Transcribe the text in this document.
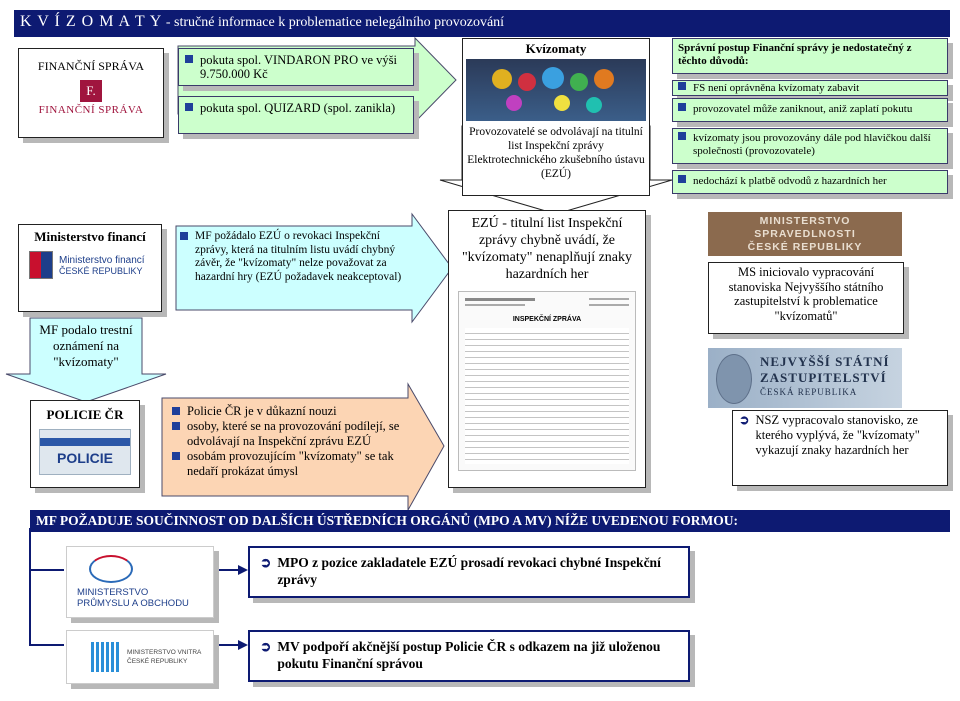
K V Í Z O M A T Y - stručné informace k problematice nelegálního provozování
FINANČNÍ SPRÁVA
F.
FINANČNÍ SPRÁVA
pokuta spol. VINDARON PRO ve výši 9.750.000 Kč
pokuta spol. QUIZARD (spol. zanikla)
Kvízomaty
Provozovatelé se odvolávají na titulní list Inspekční zprávy Elektrotechnického zkušebního ústavu (EZÚ)
Správní postup Finanční správy je nedostatečný z těchto důvodů:
FS není oprávněna kvízomaty zabavit
provozovatel může zaniknout, aniž zaplatí pokutu
kvízomaty jsou provozovány dále pod hlavičkou další společnosti (provozovatele)
nedochází k platbě odvodů z hazardních her
Ministerstvo financí
Ministerstvo financí
ČESKÉ REPUBLIKY
MF požádalo EZÚ o revokaci Inspekční zprávy, která na titulním listu uvádí chybný závěr, že "kvízomaty" nelze považovat za hazardní hry (EZÚ požadavek neakceptoval)
MF podalo trestní oznámení na "kvízomaty"
EZÚ - titulní list Inspekční zprávy chybně uvádí, že "kvízomaty" nenaplňují znaky hazardních her
INSPEKČNÍ ZPRÁVA
MINISTERSTVO
SPRAVEDLNOSTI
ČESKÉ REPUBLIKY
MS iniciovalo vypracování stanoviska Nejvyššího státního zastupitelství k problematice "kvízomatů"
NEJVYŠŠÍ STÁTNÍ
ZASTUPITELSTVÍ
ČESKÁ REPUBLIKA
➲ NSZ vypracovalo stanovisko, ze kterého vyplývá, že "kvízomaty" vykazují znaky hazardních her
POLICIE ČR
POLICIE
Policie ČR je v důkazní nouzi
osoby, které se na provozování podílejí, se odvolávají na Inspekční zprávu EZÚ
osobám provozujícím "kvízomaty" se tak nedaří prokázat úmysl
MF POŽADUJE SOUČINNOST OD DALŠÍCH ÚSTŘEDNÍCH ORGÁNŮ (MPO A MV) NÍŽE UVEDENOU FORMOU:
MINISTERSTVO
PRŮMYSLU A OBCHODU
MINISTERSTVO VNITRA
ČESKÉ REPUBLIKY
➲ MPO z pozice zakladatele EZÚ prosadí revokaci chybné Inspekční zprávy
➲ MV podpoří akčnější postup Policie ČR s odkazem na již uloženou pokutu Finanční správou
